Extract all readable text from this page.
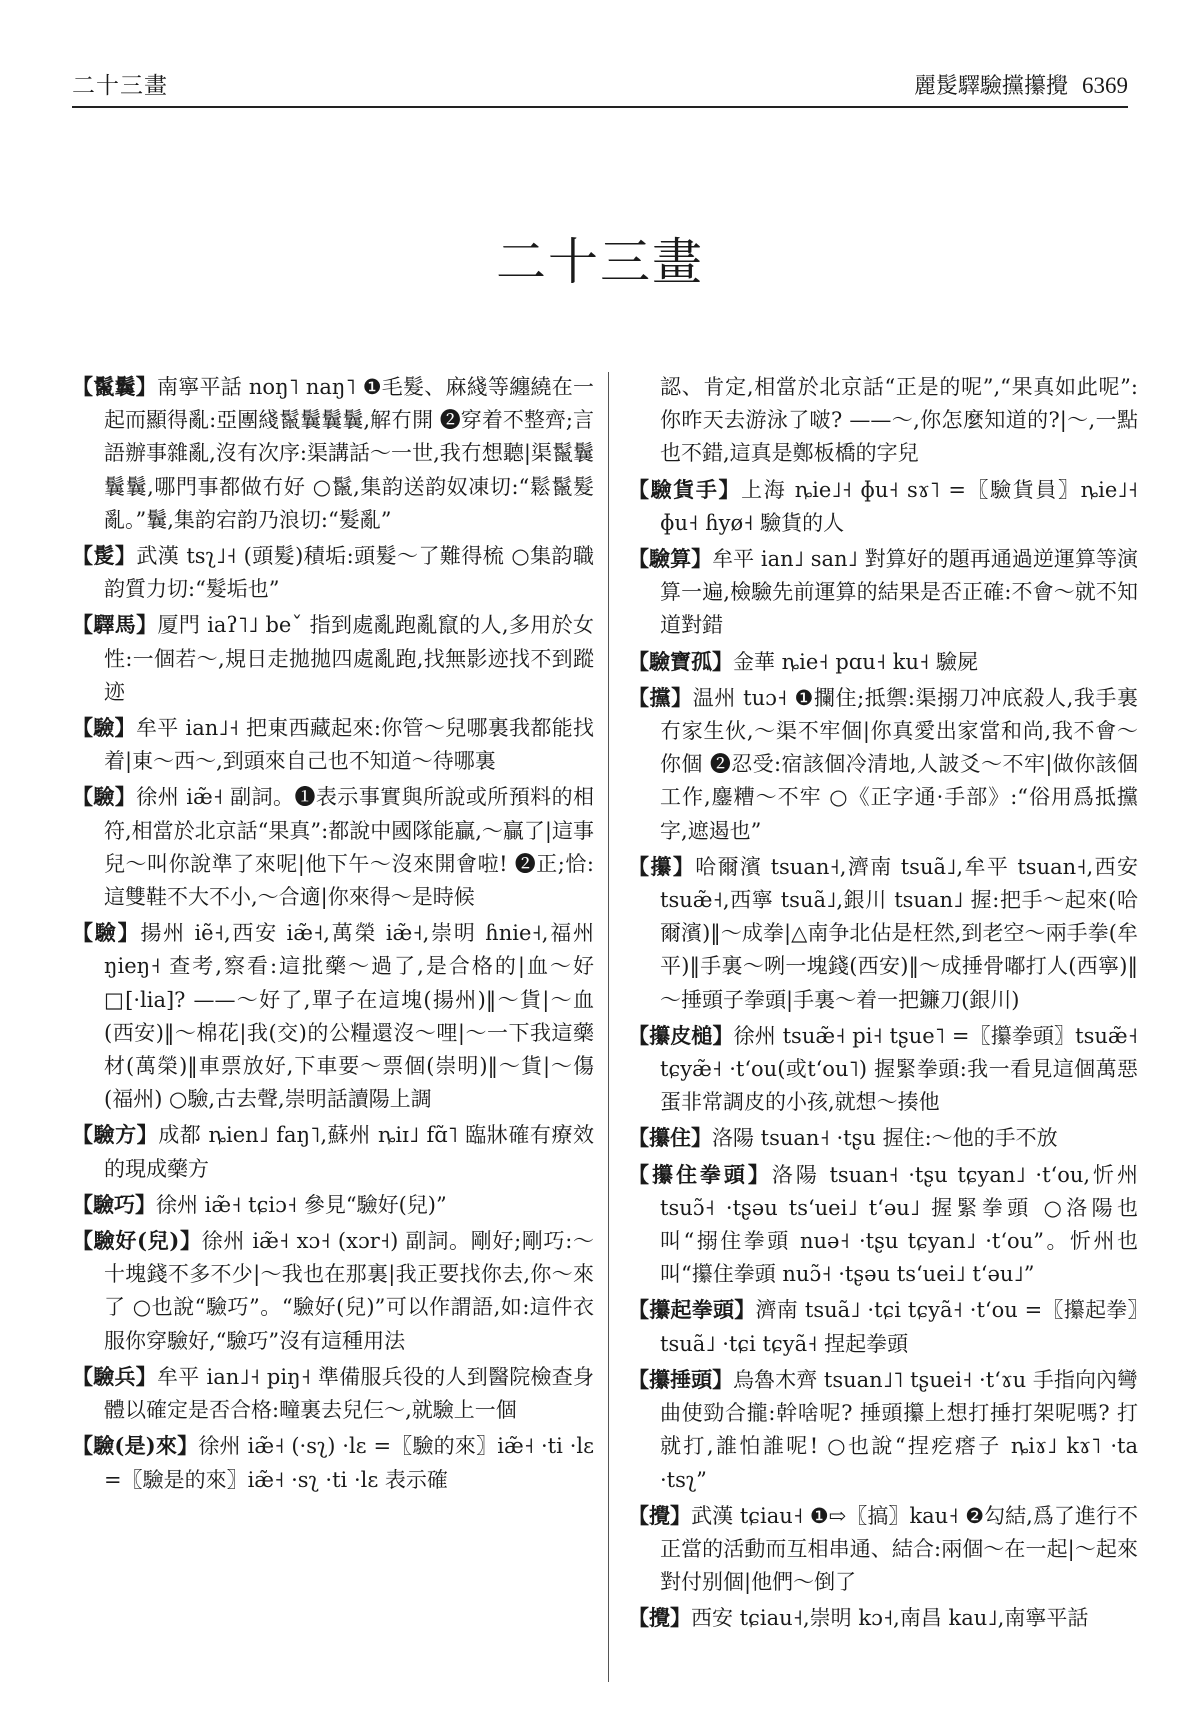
二十三畫	麗髲驛驗攩攥攪 6369
二十三畫

【鬣鬤】南寧平話 noŋ˥ naŋ˥ ❶毛髮、麻綫等纏繞在一起而顯得亂:亞團綫鬣鬤鬤鬤,解冇開 ❷穿着不整齊;言語辦事雜亂,沒有次序:渠講話～一世,我冇想聽|渠鬣鬤鬤鬤,哪門事都做冇好 ○鬣,集韵送韵奴凍切:“鬆鬣髮亂。”鬤,集韵宕韵乃浪切:“髮亂”

【髲】武漢 tsʅ˩˧ (頭髮)積垢:頭髮～了難得梳 ○集韵職韵質力切:“髮垢也”

【驛馬】厦門 iaʔ˥˩ beˇ 指到處亂跑亂竄的人,多用於女性:一個若～,規日走拋拋四處亂跑,找無影迹找不到蹤迹

【驗】牟平 ian˩˧ 把東西藏起來:你管～兒哪裏我都能找着|東～西～,到頭來自己也不知道～待哪裏

【驗】徐州 iæ̃˧ 副詞。❶表示事實與所說或所預料的相符,相當於北京話“果真”:都說中國隊能贏,～贏了|這事兒～叫你說準了來呢|他下午～沒來開會啦! ❷正;恰:這雙鞋不大不小,～合適|你來得～是時候

【驗】揚州 iẽ˧,西安 iæ̃˧,萬榮 iæ̃˧,崇明 ɦnie˧,福州 ŋieŋ˧ 查考,察看:這批藥～過了,是合格的|血～好□[·lia]? ——～好了,單子在這塊(揚州)‖～貨|～血(西安)‖～棉花|我(交)的公糧還沒～哩|～一下我這藥材(萬榮)‖車票放好,下車要～票個(崇明)‖～貨|～傷(福州) ○驗,古去聲,崇明話讀陽上調

【驗方】成都 ȵien˩ faŋ˥,蘇州 ȵiɪ˩ fɑ̃˥ 臨牀確有療效的現成藥方

【驗巧】徐州 iæ̃˧ tɕiɔ˧ 參見“驗好(兒)”

【驗好(兒)】徐州 iæ̃˧ xɔ˧ (xɔr˧) 副詞。剛好;剛巧:～十塊錢不多不少|～我也在那裏|我正要找你去,你～來了 ○也說“驗巧”。“驗好(兒)”可以作謂語,如:這件衣服你穿驗好,“驗巧”沒有這種用法

【驗兵】牟平 ian˩˧ piŋ˧ 準備服兵役的人到醫院檢查身體以確定是否合格:疃裏去兒仨～,就驗上一個

【驗(是)來】徐州 iæ̃˧ (·sʅ) ·lɛ =〖驗的來〗iæ̃˧ ·ti ·lɛ =〖驗是的來〗iæ̃˧ ·sʅ ·ti ·lɛ 表示確

認、肯定,相當於北京話“正是的呢”,“果真如此呢”:你昨天去游泳了啵? ——～,你怎麼知道的?|～,一點也不錯,這真是鄭板橋的字兒

【驗貨手】上海 ȵie˩˧ ɸu˧ sɤ˥ =〖驗貨員〗ȵie˩˧ ɸu˧ ɦyø˧ 驗貨的人

【驗算】牟平 ian˩ san˩ 對算好的題再通過逆運算等演算一遍,檢驗先前運算的結果是否正確:不會～就不知道對錯

【驗寶孤】金華 ȵie˧ pɑu˧ ku˧ 驗屍

【攩】温州 tuɔ˧ ❶攔住;抵禦:渠搦刀冲底殺人,我手裏冇家生伙,～渠不牢個|你真愛出家當和尚,我不會～你個 ❷忍受:宿該個冷清地,人詖爻～不牢|做你該個工作,鏖糟～不牢 ○《正字通·手部》:“俗用爲抵攩字,遮遏也”

【攥】哈爾濱 tsuan˧,濟南 tsuã˩,牟平 tsuan˧,西安 tsuæ̃˧,西寧 tsuã˩,銀川 tsuan˩ 握:把手～起來(哈爾濱)‖～成拳|△南争北佔是枉然,到老空～兩手拳(牟平)‖手裏～咧一塊錢(西安)‖～成捶骨嘟打人(西寧)‖～捶頭子拳頭|手裏～着一把鐮刀(銀川)

【攥皮槌】徐州 tsuæ̃˧ pi˧ tʂue˥ =〖攥拳頭〗tsuæ̃˧ tɕyæ̃˧ ·tʻou(或tʻou˥) 握緊拳頭:我一看見這個萬惡蛋非常調皮的小孩,就想～揍他

【攥住】洛陽 tsuan˧ ·tʂu 握住:～他的手不放

【攥住拳頭】洛陽 tsuan˧ ·tʂu tɕyan˩ ·tʻou,忻州 tsuɔ̃˧ ·tʂəu tsʻuei˩ tʻəu˩ 握緊拳頭 ○洛陽也叫“搦住拳頭 nuə˧ ·tʂu tɕyan˩ ·tʻou”。忻州也叫“攥住拳頭 nuɔ̃˧ ·tʂəu tsʻuei˩ tʻəu˩”

【攥起拳頭】濟南 tsuã˩ ·tɕi tɕyã˧ ·tʻou =〖攥起拳〗tsuã˩ ·tɕi tɕyã˧ 捏起拳頭

【攥捶頭】烏魯木齊 tsuan˩˥ tʂuei˧ ·tʻɤu 手指向內彎曲使勁合攏:幹啥呢? 捶頭攥上想打捶打架呢嗎? 打就打,誰怕誰呢! ○也說“捏疙瘩子 ȵiɤ˩ kɤ˥ ·ta ·tsʅ”

【攪】武漢 tɕiau˧ ❶⇨〖搞〗kau˧ ❷勾結,爲了進行不正當的活動而互相串通、結合:兩個～在一起|～起來對付别個|他們～倒了

【攪】西安 tɕiau˧,崇明 kɔ˧,南昌 kau˩,南寧平話
